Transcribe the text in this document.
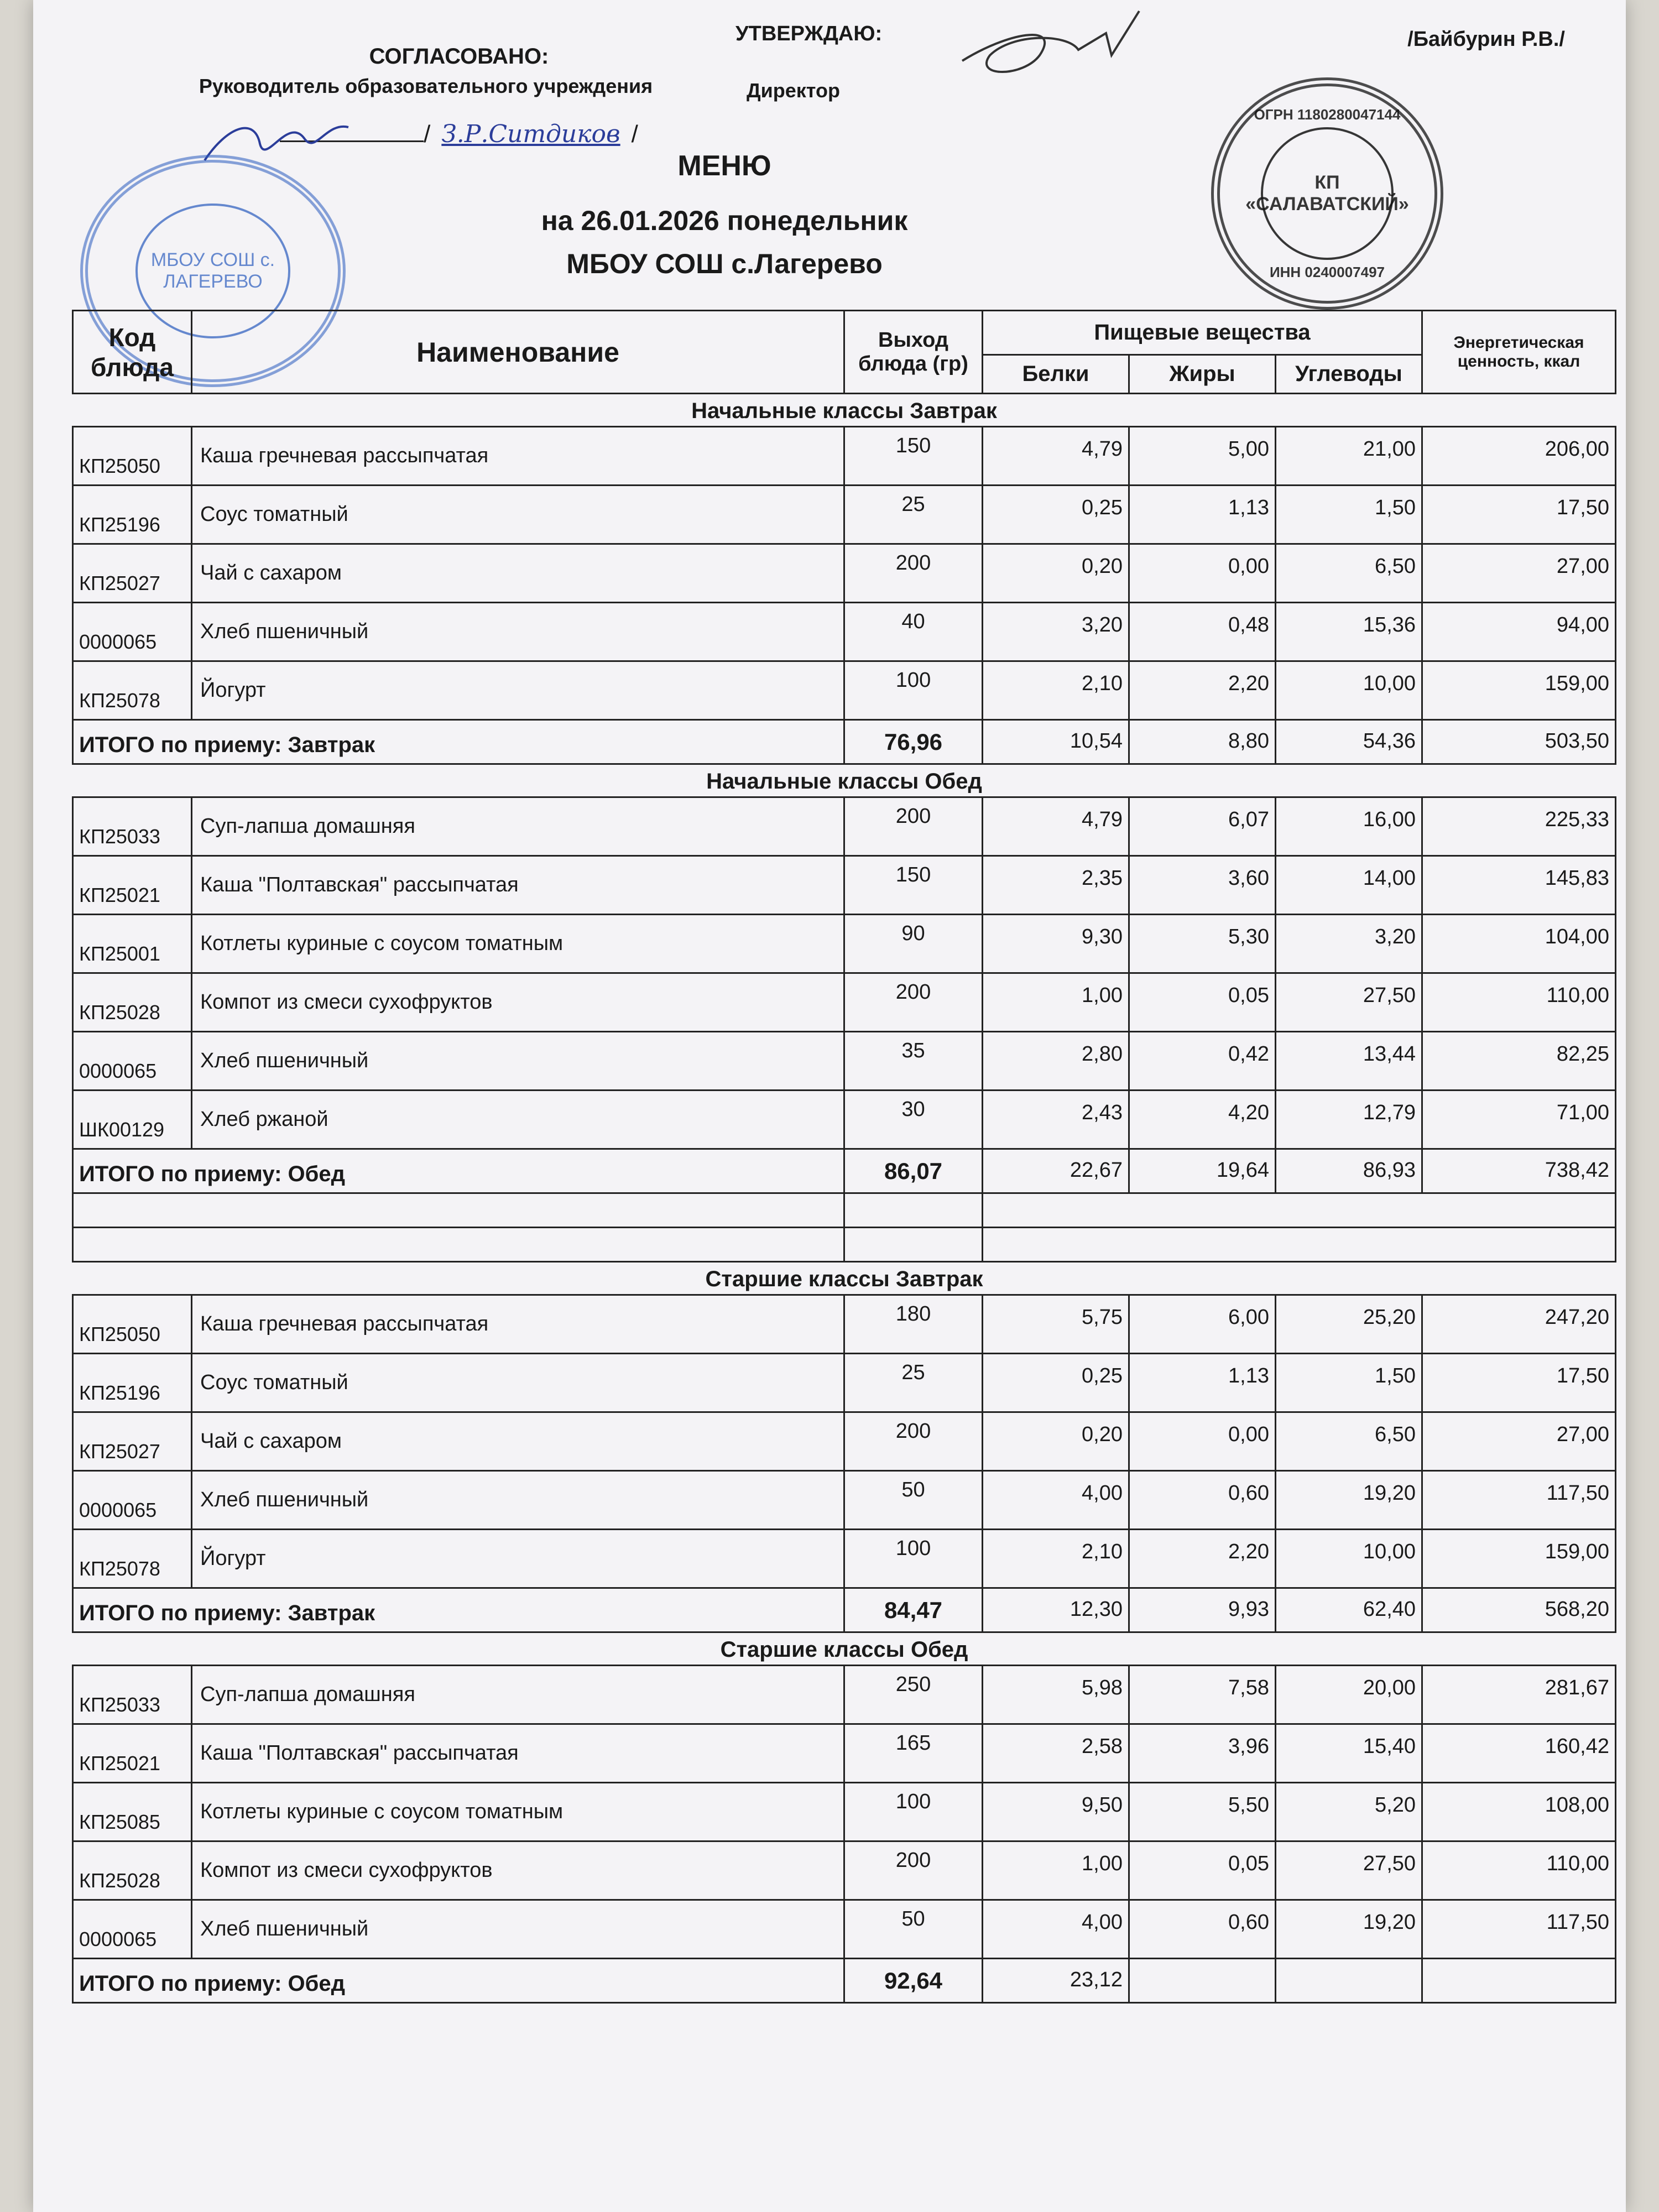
СОГЛАСОВАНО:
Руководитель образовательного учреждения
/ З.Р.Ситдиков /
УТВЕРЖДАЮ:
Директор
/Байбурин Р.В./
МБОУ СОШ с. ЛАГЕРЕВО
КП
«САЛАВАТСКИЙ»
ОГРН 1180280047144
ИНН 0240007497
МЕНЮ
на 26.01.2026 понедельник
МБОУ СОШ с.Лагерево
Код блюда	Наименование	Выход блюда (гр)	Пищевые вещества			Энергетическая ценность, ккал
			Белки	Жиры	Углеводы	
Начальные классы Завтрак						
КП25050	Каша гречневая рассыпчатая	150	4,79	5,00	21,00	206,00
КП25196	Соус томатный	25	0,25	1,13	1,50	17,50
КП25027	Чай с сахаром	200	0,20	0,00	6,50	27,00
0000065	Хлеб пшеничный	40	3,20	0,48	15,36	94,00
КП25078	Йогурт	100	2,10	2,20	10,00	159,00
ИТОГО по приему: Завтрак		76,96	10,54	8,80	54,36	503,50
Начальные классы Обед						
КП25033	Суп-лапша домашняя	200	4,79	6,07	16,00	225,33
КП25021	Каша "Полтавская" рассыпчатая	150	2,35	3,60	14,00	145,83
КП25001	Котлеты куриные с соусом томатным	90	9,30	5,30	3,20	104,00
КП25028	Компот из смеси сухофруктов	200	1,00	0,05	27,50	110,00
0000065	Хлеб пшеничный	35	2,80	0,42	13,44	82,25
ШК00129	Хлеб ржаной	30	2,43	4,20	12,79	71,00
ИТОГО по приему: Обед		86,07	22,67	19,64	86,93	738,42

Старшие классы Завтрак						
КП25050	Каша гречневая рассыпчатая	180	5,75	6,00	25,20	247,20
КП25196	Соус томатный	25	0,25	1,13	1,50	17,50
КП25027	Чай с сахаром	200	0,20	0,00	6,50	27,00
0000065	Хлеб пшеничный	50	4,00	0,60	19,20	117,50
КП25078	Йогурт	100	2,10	2,20	10,00	159,00
ИТОГО по приему: Завтрак		84,47	12,30	9,93	62,40	568,20
Старшие классы Обед						
КП25033	Суп-лапша домашняя	250	5,98	7,58	20,00	281,67
КП25021	Каша "Полтавская" рассыпчатая	165	2,58	3,96	15,40	160,42
КП25085	Котлеты куриные с соусом томатным	100	9,50	5,50	5,20	108,00
КП25028	Компот из смеси сухофруктов	200	1,00	0,05	27,50	110,00
0000065	Хлеб пшеничный	50	4,00	0,60	19,20	117,50
ИТОГО по приему: Обед		92,64	23,12			
